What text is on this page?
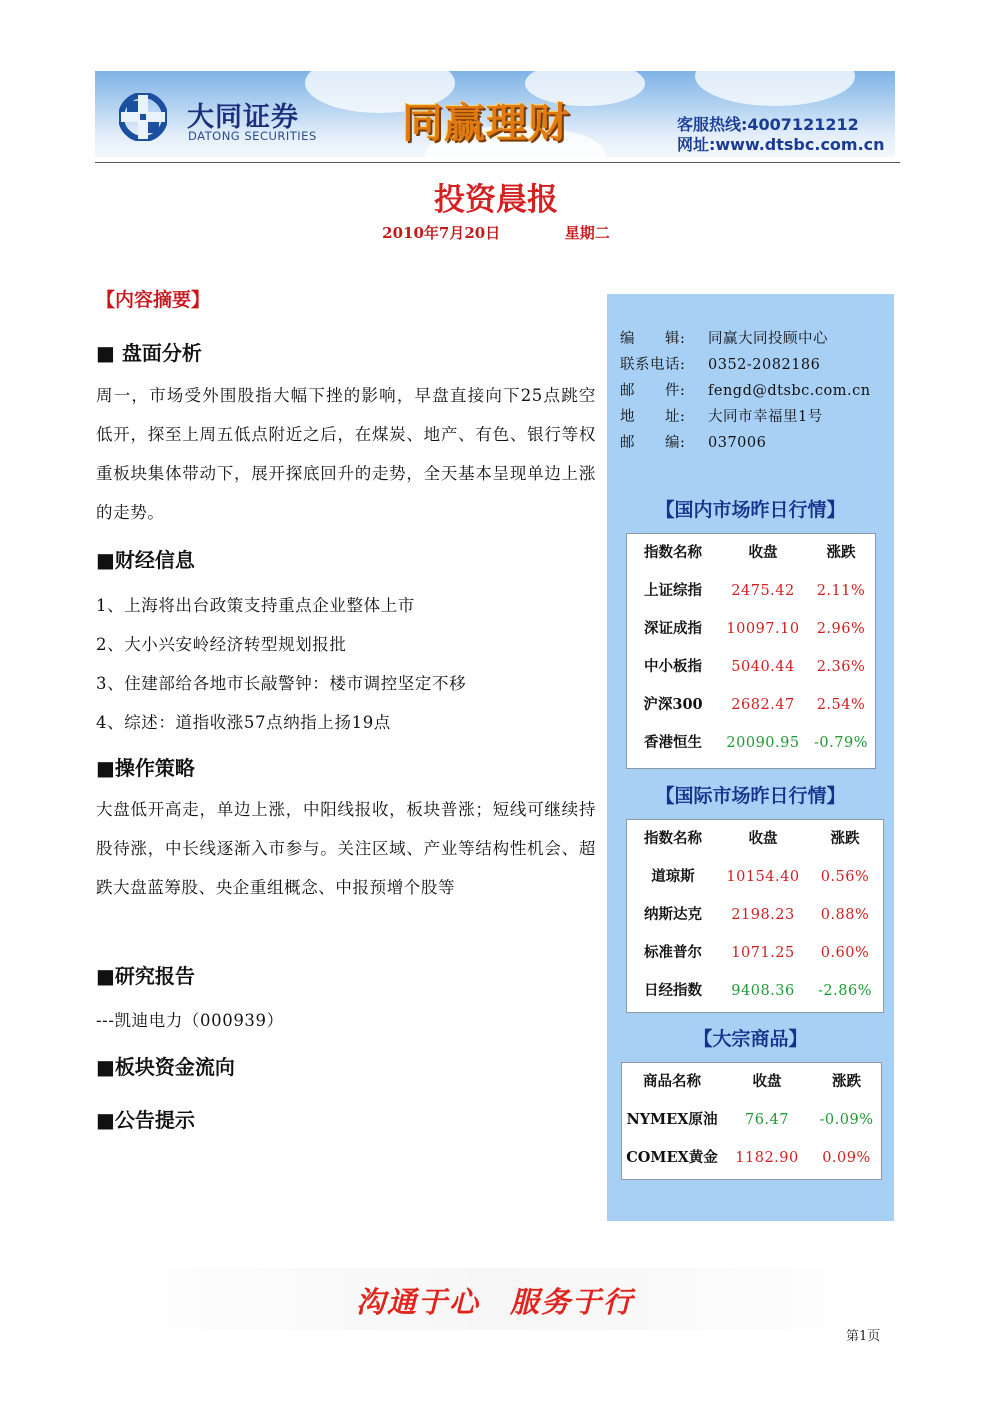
大同证券
DATONG SECURITIES 同赢理财	客服热线:4007121212
网址:www.dtsbc.com.cn
投资晨报
2010年7月20日	星期二
【内容摘要】
■ 盘面分析
周一，市场受外围股指大幅下挫的影响，早盘直接向下25点跳空低开，探至上周五低点附近之后，在煤炭、地产、有色、银行等权重板块集体带动下，展开探底回升的走势，全天基本呈现单边上涨的走势。
■财经信息
1、上海将出台政策支持重点企业整体上市
2、大小兴安岭经济转型规划报批
3、住建部给各地市长敲警钟：楼市调控坚定不移
4、综述：道指收涨57点纳指上扬19点
■操作策略
大盘低开高走，单边上涨，中阳线报收，板块普涨；短线可继续持股待涨，中长线逐渐入市参与。关注区域、产业等结构性机会、超跌大盘蓝筹股、央企重组概念、中报预增个股等
■研究报告
---凯迪电力（000939）
■板块资金流向
■公告提示
编　　辑: 同赢大同投顾中心
联系电话: 0352-2082186
邮　　件: fengd@dtsbc.com.cn
地　　址: 大同市幸福里1号
邮　　编: 037006
【国内市场昨日行情】
指数名称	收盘	涨跌
上证综指	2475.42	2.11%
深证成指	10097.10	2.96%
中小板指	5040.44	2.36%
沪深300	2682.47	2.54%
香港恒生	20090.95 -0.79%
【国际市场昨日行情】
指数名称	收盘	涨跌
道琼斯	10154.40	0.56%
纳斯达克	2198.23	0.88%
标准普尔	1071.25	0.60%
日经指数	9408.36	-2.86%
【大宗商品】
商品名称	收盘	涨跌
NYMEX原油	76.47	-0.09%
COMEX黄金	1182.90	0.09%
沟通于心 服务于行
第1页
